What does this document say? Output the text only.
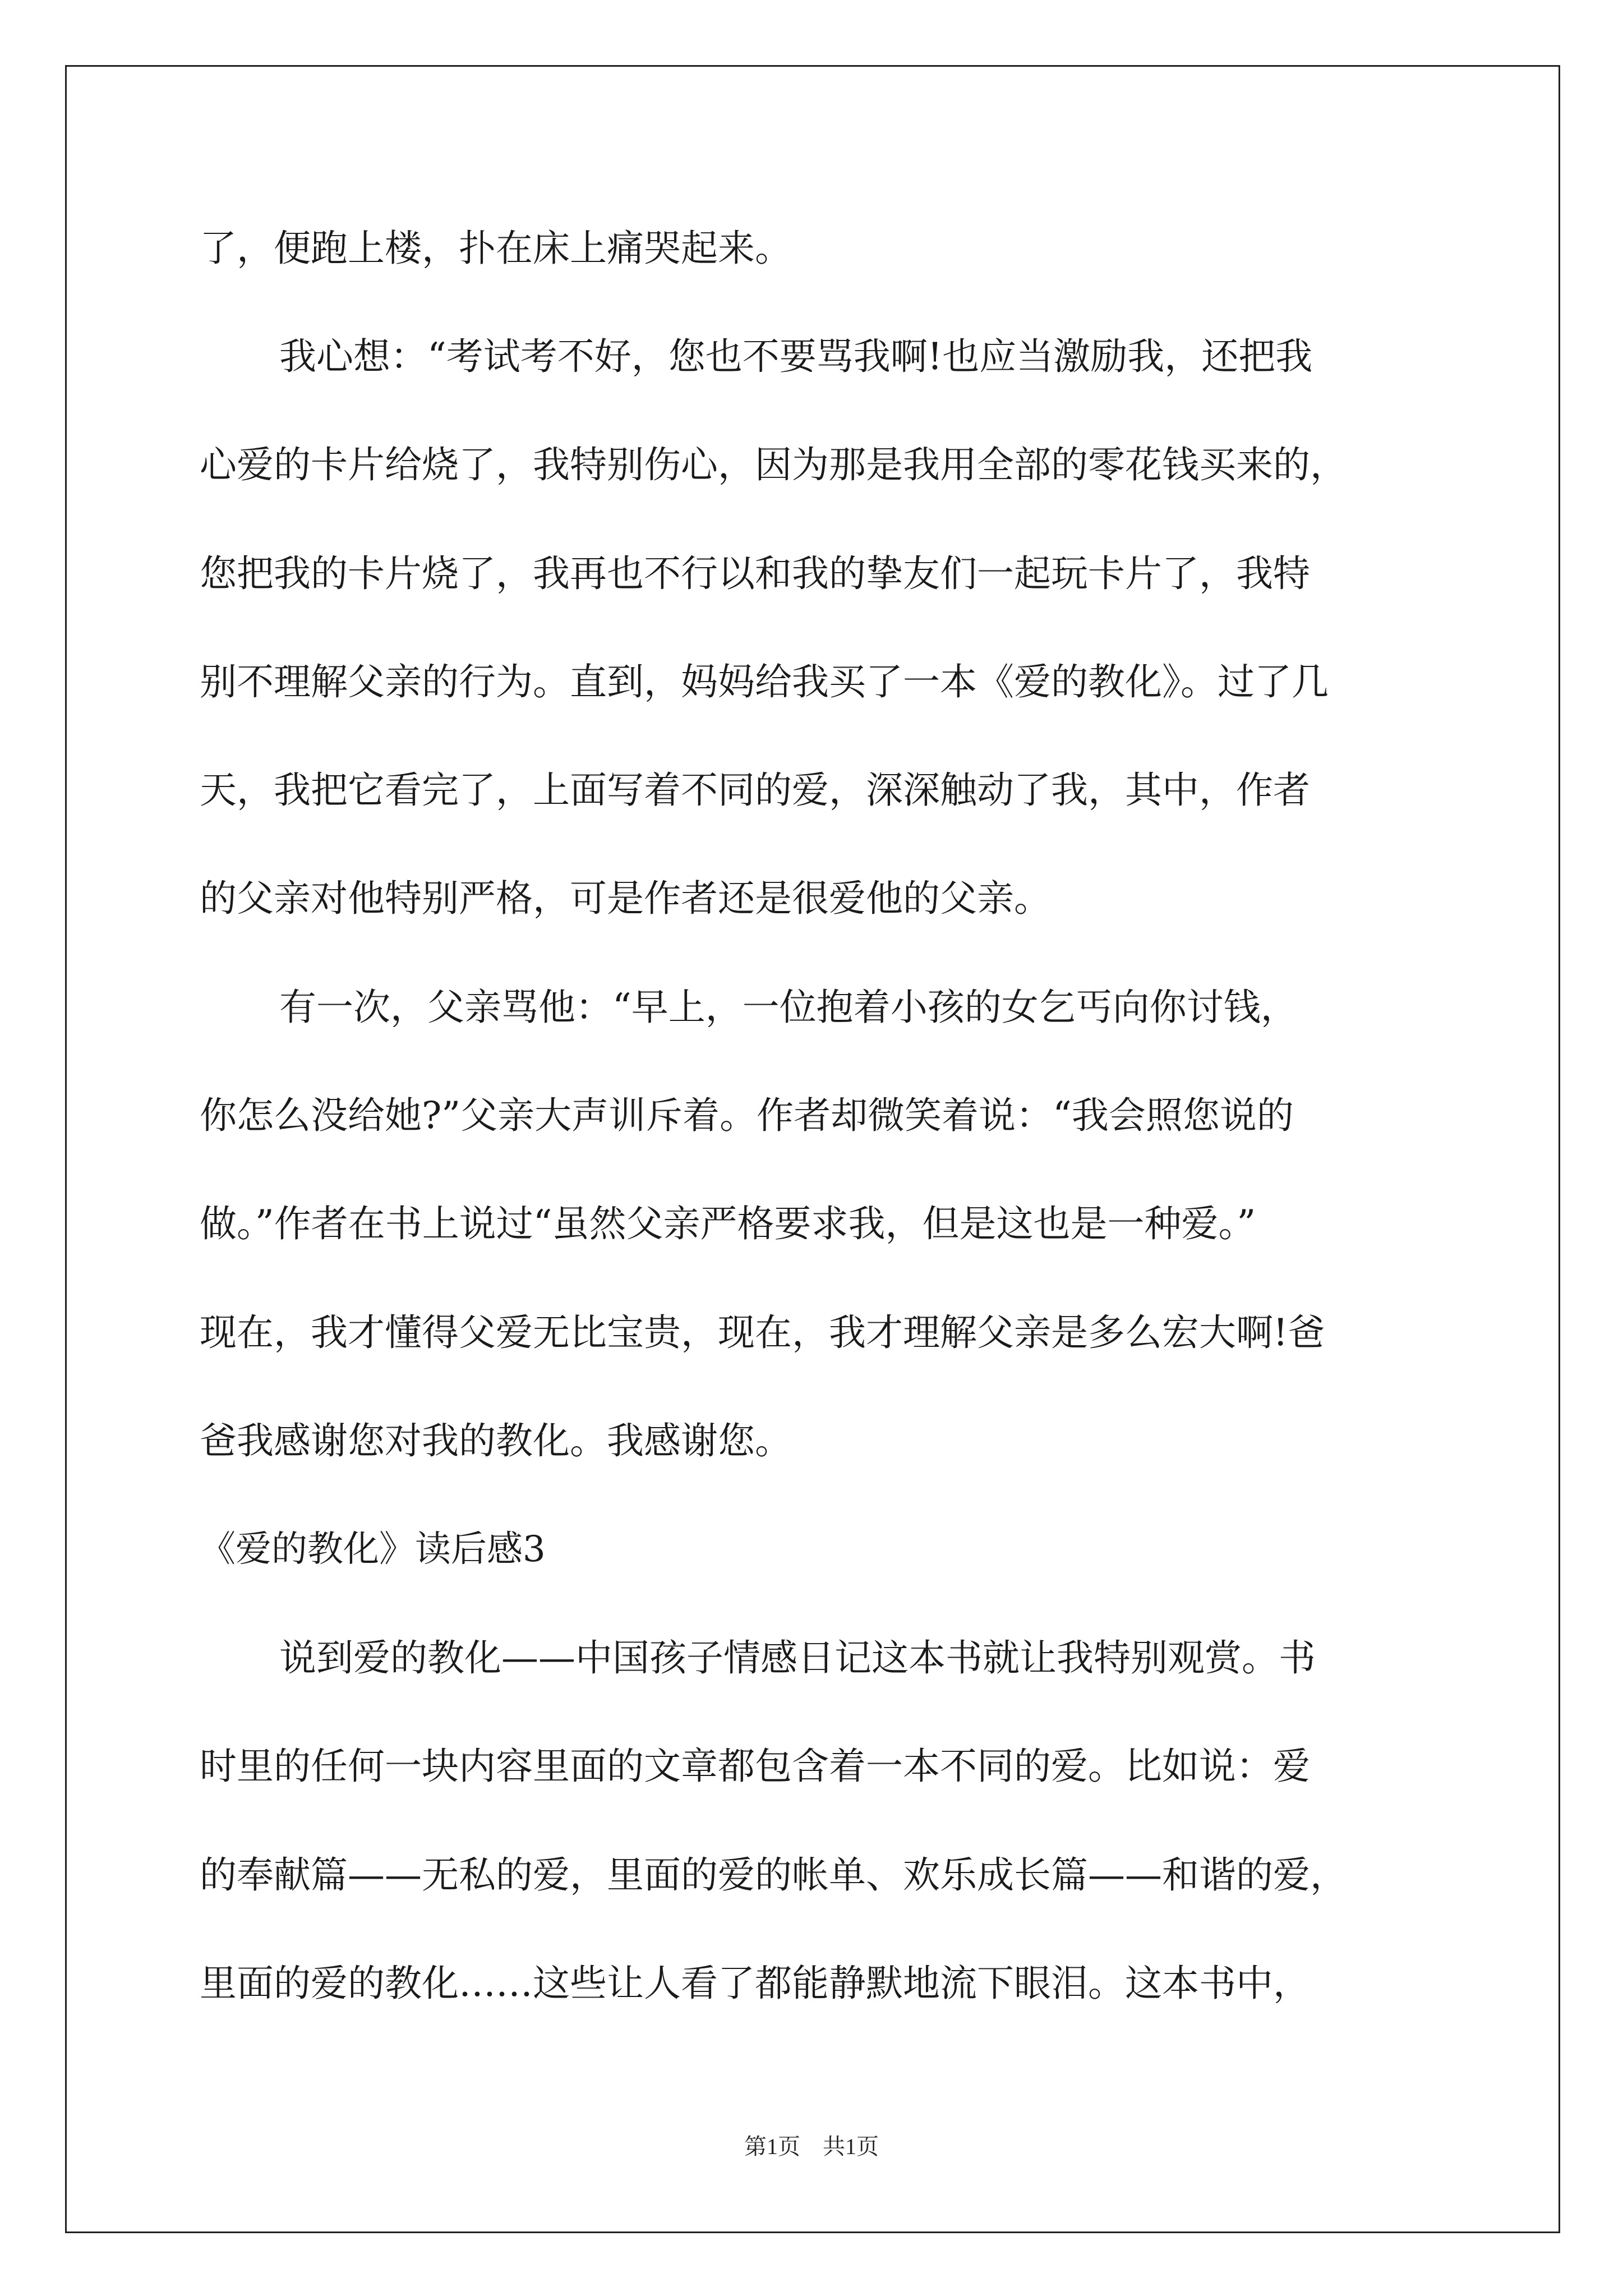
了，便跑上楼，扑在床上痛哭起来。
我心想：“考试考不好，您也不要骂我啊!也应当激励我，还把我
心爱的卡片给烧了，我特别伤心，因为那是我用全部的零花钱买来的，
您把我的卡片烧了，我再也不行以和我的挚友们一起玩卡片了，我特
别不理解父亲的行为。直到，妈妈给我买了一本《爱的教化》。过了几
天，我把它看完了，上面写着不同的爱，深深触动了我，其中，作者
的父亲对他特别严格，可是作者还是很爱他的父亲。
有一次，父亲骂他：“早上，一位抱着小孩的女乞丐向你讨钱，
你怎么没给她?”父亲大声训斥着。作者却微笑着说：“我会照您说的
做。”作者在书上说过“虽然父亲严格要求我，但是这也是一种爱。”
现在，我才懂得父爱无比宝贵，现在，我才理解父亲是多么宏大啊!爸
爸我感谢您对我的教化。我感谢您。
《爱的教化》读后感3
说到爱的教化——中国孩子情感日记这本书就让我特别观赏。书
时里的任何一块内容里面的文章都包含着一本不同的爱。比如说：爱
的奉献篇——无私的爱，里面的爱的帐单、欢乐成长篇——和谐的爱，
里面的爱的教化……这些让人看了都能静默地流下眼泪。这本书中，
第1页　共1页
